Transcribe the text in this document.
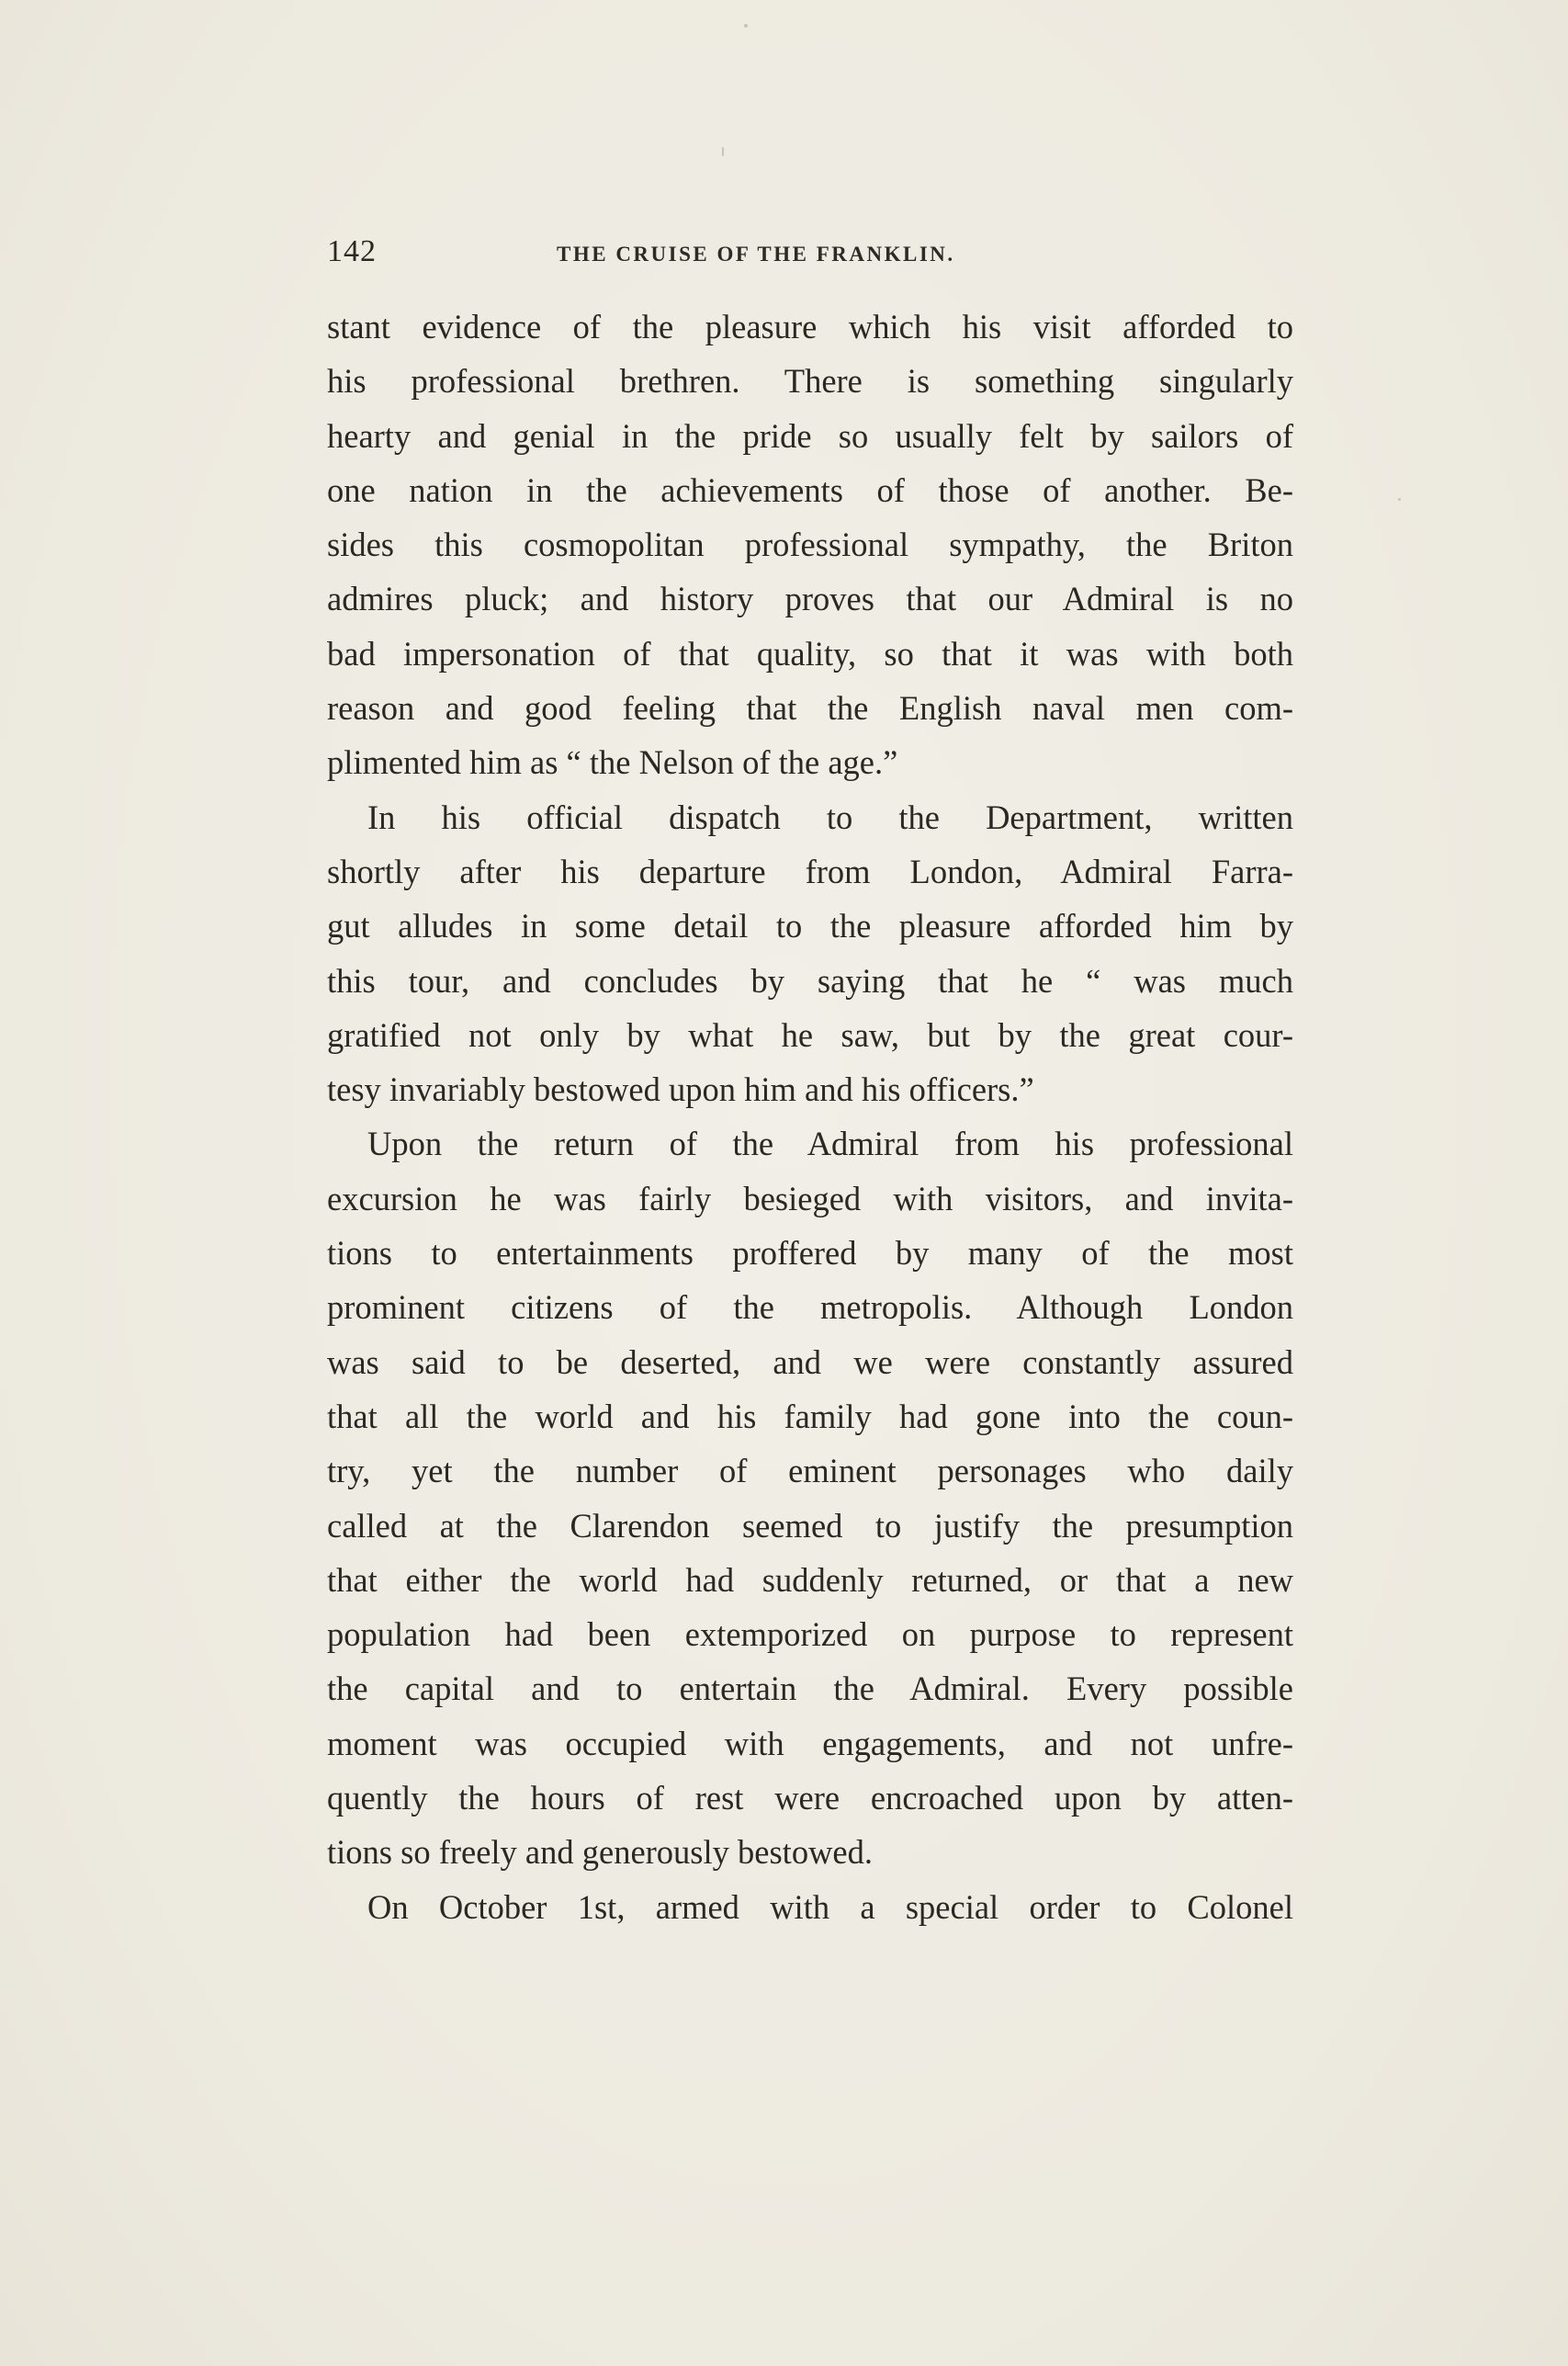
142	THE CRUISE OF THE FRANKLIN.
stant evidence of the pleasure which his visit afforded to
his professional brethren. There is something singularly
hearty and genial in the pride so usually felt by sailors of
one nation in the achievements of those of another. Be-
sides this cosmopolitan professional sympathy, the Briton
admires pluck; and history proves that our Admiral is no
bad impersonation of that quality, so that it was with both
reason and good feeling that the English naval men com-
plimented him as “ the Nelson of the age.”
In his official dispatch to the Department, written
shortly after his departure from London, Admiral Farra-
gut alludes in some detail to the pleasure afforded him by
this tour, and concludes by saying that he “ was much
gratified not only by what he saw, but by the great cour-
tesy invariably bestowed upon him and his officers.”
Upon the return of the Admiral from his professional
excursion he was fairly besieged with visitors, and invita-
tions to entertainments proffered by many of the most
prominent citizens of the metropolis. Although London
was said to be deserted, and we were constantly assured
that all the world and his family had gone into the coun-
try, yet the number of eminent personages who daily
called at the Clarendon seemed to justify the presumption
that either the world had suddenly returned, or that a new
population had been extemporized on purpose to represent
the capital and to entertain the Admiral. Every possible
moment was occupied with engagements, and not unfre-
quently the hours of rest were encroached upon by atten-
tions so freely and generously bestowed.
On October 1st, armed with a special order to Colonel
